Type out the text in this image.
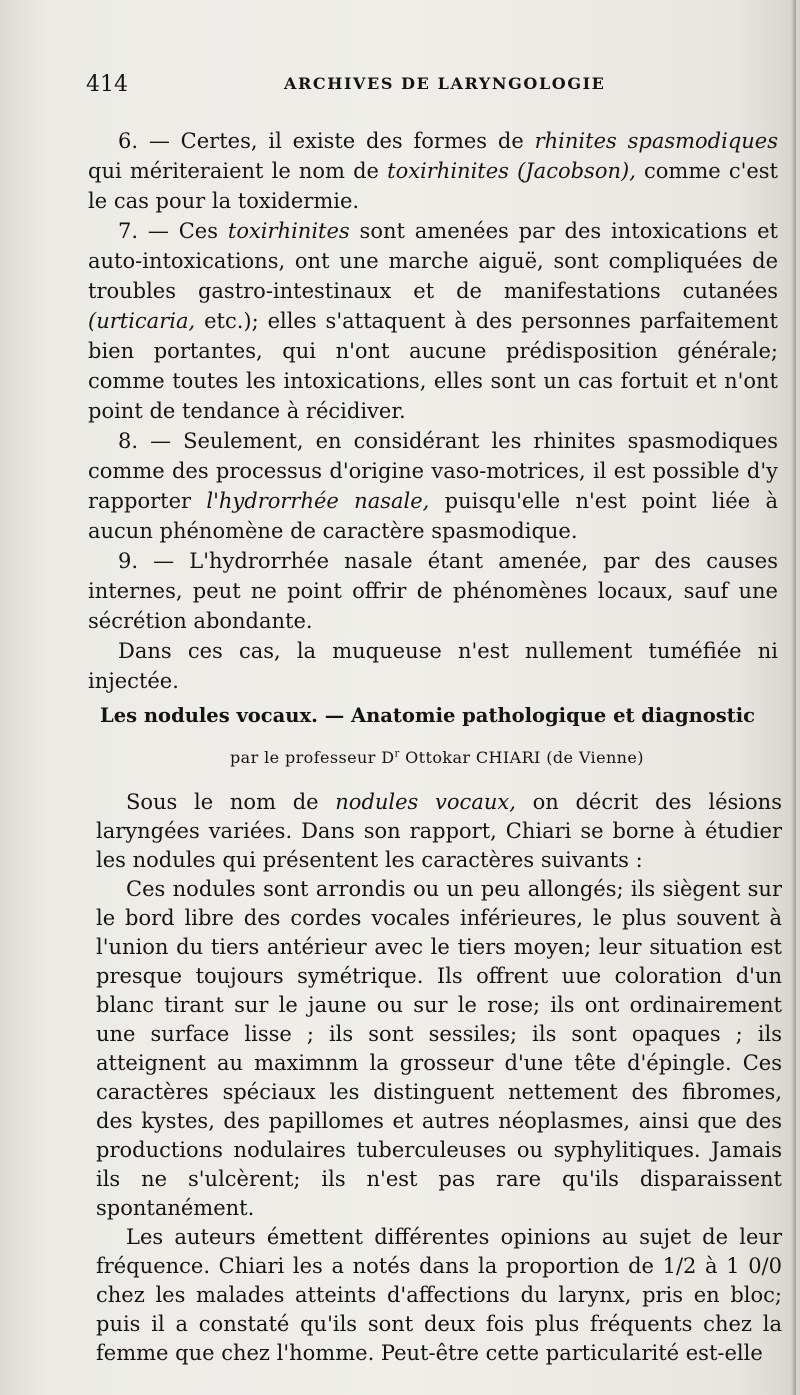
414	ARCHIVES DE LARYNGOLOGIE

6. — Certes, il existe des formes de rhinites spasmodiques qui mériteraient le nom de toxirhinites (Jacobson), comme c'est le cas pour la toxidermie.

7. — Ces toxirhinites sont amenées par des intoxications et auto-intoxications, ont une marche aiguë, sont compliquées de troubles gastro-intestinaux et de manifestations cutanées (urticaria, etc.); elles s'attaquent à des personnes parfaitement bien portantes, qui n'ont aucune prédisposition générale; comme toutes les intoxications, elles sont un cas fortuit et n'ont point de tendance à récidiver.

8. — Seulement, en considérant les rhinites spasmodiques comme des processus d'origine vaso-motrices, il est possible d'y rapporter l'hydrorrhée nasale, puisqu'elle n'est point liée à aucun phénomène de caractère spasmodique.

9. — L'hydrorrhée nasale étant amenée, par des causes internes, peut ne point offrir de phénomènes locaux, sauf une sécrétion abondante.

Dans ces cas, la muqueuse n'est nullement tuméfiée ni injectée.

Les nodules vocaux. — Anatomie pathologique et diagnostic
par le professeur $D^r$ Ottokar CHIARI (de Vienne)

Sous le nom de nodules vocaux, on décrit des lésions laryngées variées. Dans son rapport, Chiari se borne à étudier les nodules qui présentent les caractères suivants :

Ces nodules sont arrondis ou un peu allongés; ils siègent sur le bord libre des cordes vocales inférieures, le plus souvent à l'union du tiers antérieur avec le tiers moyen; leur situation est presque toujours symétrique. Ils offrent uue coloration d'un blanc tirant sur le jaune ou sur le rose; ils ont ordinairement une surface lisse ; ils sont sessiles; ils sont opaques ; ils atteignent au maximnm la grosseur d'une tête d'épingle. Ces caractères spéciaux les distinguent nettement des fibromes, des kystes, des papillomes et autres néoplasmes, ainsi que des productions nodulaires tuberculeuses ou syphylitiques. Jamais ils ne s'ulcèrent; ils n'est pas rare qu'ils disparaissent spontanément.

Les auteurs émettent différentes opinions au sujet de leur fréquence. Chiari les a notés dans la proportion de 1/2 à 1 0/0 chez les malades atteints d'affections du larynx, pris en bloc; puis il a constaté qu'ils sont deux fois plus fréquents chez la femme que chez l'homme. Peut-être cette particularité est-elle
